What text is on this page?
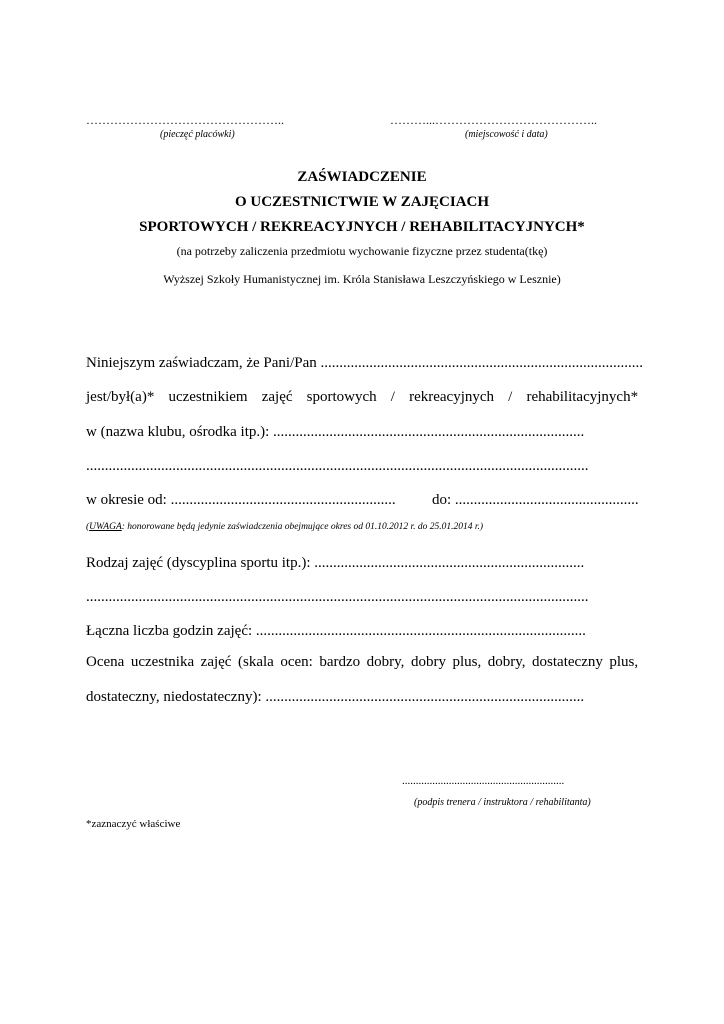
…………………………………………..
(pieczęć placówki)
………...…………………………………..
(miejscowość i data)
ZAŚWIADCZENIE
O UCZESTNICTWIE W ZAJĘCIACH
SPORTOWYCH / REKREACYJNYCH / REHABILITACYJNYCH*
(na potrzeby zaliczenia przedmiotu wychowanie fizyczne przez studenta(tkę)
Wyższej Szkoły Humanistycznej im. Króla Stanisława Leszczyńskiego w Lesznie)
Niniejszym zaświadczam, że Pani/Pan ......................................................................................
jest/był(a)* uczestnikiem zajęć sportowych / rekreacyjnych / rehabilitacyjnych*
w (nazwa klubu, ośrodka itp.): ...................................................................................
......................................................................................................................................
w okresie od: ............................................................ do: .................................................
(UWAGA: honorowane będą jedynie zaświadczenia obejmujące okres od 01.10.2012 r. do 25.01.2014 r.)
Rodzaj zajęć (dyscyplina sportu itp.): ........................................................................
......................................................................................................................................
Łączna liczba godzin zajęć: ........................................................................................
Ocena uczestnika zajęć (skala ocen: bardzo dobry, dobry plus, dobry, dostateczny plus,
dostateczny, niedostateczny): .....................................................................................
...........................................................
(podpis trenera / instruktora / rehabilitanta)
*zaznaczyć właściwe
